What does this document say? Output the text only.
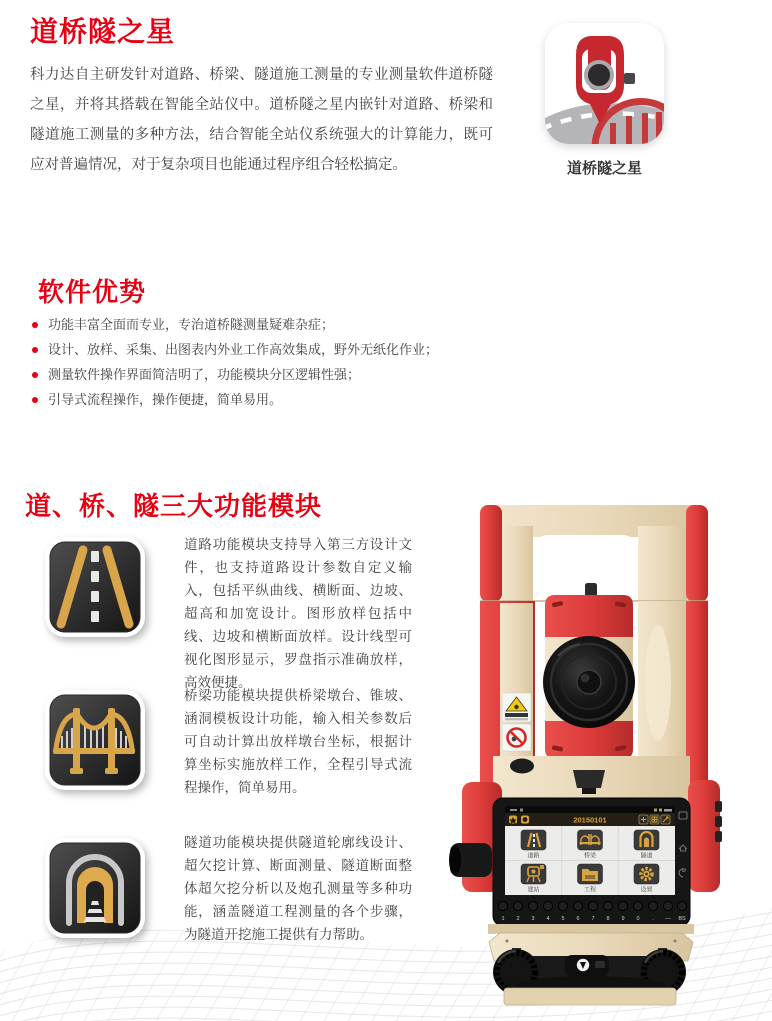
道桥隧之星

科力达自主研发针对道路、桥梁、隧道施工测量的专业测量软件道桥隧之星，并将其搭载在智能全站仪中。道桥隧之星内嵌针对道路、桥梁和隧道施工测量的多种方法，结合智能全站仪系统强大的计算能力，既可应对普遍情况，对于复杂项目也能通过程序组合轻松搞定。	道桥隧之星
软件优势
功能丰富全面而专业，专治道桥隧测量疑难杂症；
设计、放样、采集、出图表内外业工作高效集成，野外无纸化作业；
测量软件操作界面简洁明了，功能模块分区逻辑性强；
引导式流程操作，操作便捷，简单易用。
道、桥、隧三大功能模块

道路功能模块支持导入第三方设计文件，也支持道路设计参数自定义输入，包括平纵曲线、横断面、边坡、超高和加宽设计。图形放样包括中线、边坡和横断面放样。设计线型可视化图形显示，罗盘指示准确放样，高效便捷。

桥梁功能模块提供桥梁墩台、锥坡、涵洞模板设计功能，输入相关参数后可自动计算出放样墩台坐标，根据计算坐标实施放样工作，全程引导式流程操作，简单易用。

隧道功能模块提供隧道轮廓线设计、超欠挖计算、断面测量、隧道断面整体超欠挖分析以及炮孔测量等多种功能，涵盖隧道工程测量的各个步骤，为隧道开挖施工提供有力帮助。

20150101
道路	桥梁	隧道
建站	工程	设置
1 2 3 4 5 6 7 8 9 0 . — BS
